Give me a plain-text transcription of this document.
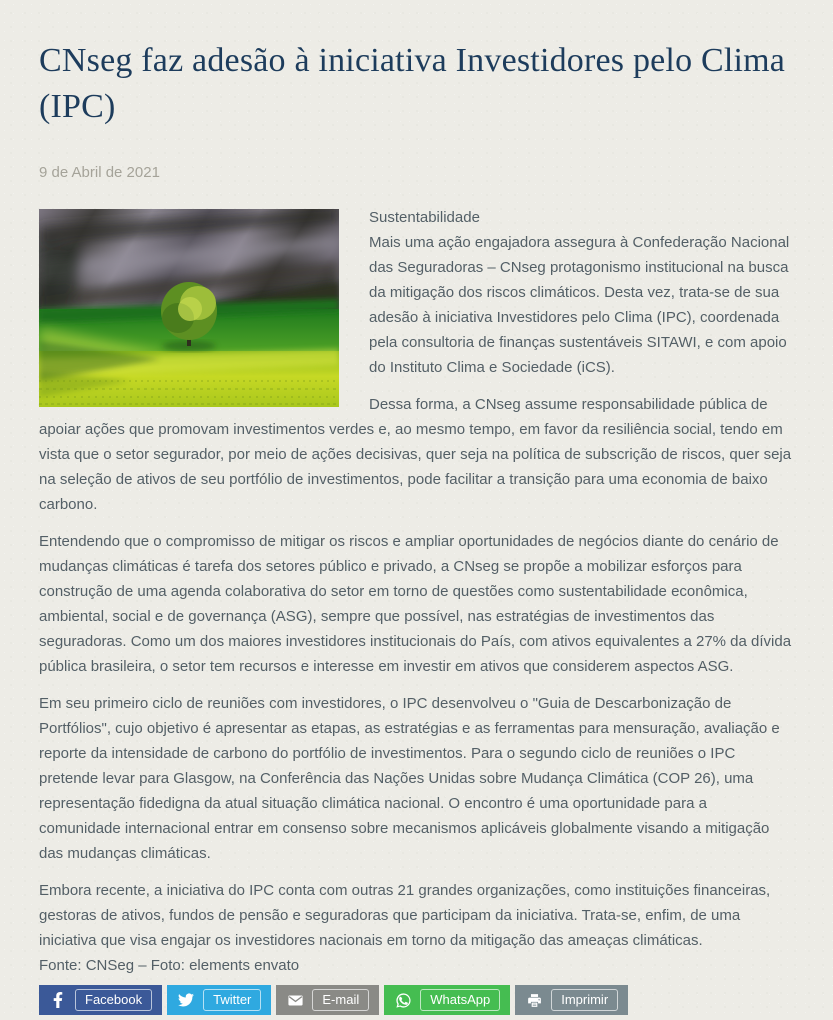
CNseg faz adesão à iniciativa Investidores pelo Clima (IPC)
9 de Abril de 2021

Sustentabilidade

Mais uma ação engajadora assegura à Confederação Nacional das Seguradoras – CNseg protagonismo institucional na busca da mitigação dos riscos climáticos. Desta vez, trata-se de sua adesão à iniciativa Investidores pelo Clima (IPC), coordenada pela consultoria de finanças sustentáveis SITAWI, e com apoio do Instituto Clima e Sociedade (iCS).

Dessa forma, a CNseg assume responsabilidade pública de apoiar ações que promovam investimentos verdes e, ao mesmo tempo, em favor da resiliência social, tendo em vista que o setor segurador, por meio de ações decisivas, quer seja na política de subscrição de riscos, quer seja na seleção de ativos de seu portfólio de investimentos, pode facilitar a transição para uma economia de baixo carbono.

Entendendo que o compromisso de mitigar os riscos e ampliar oportunidades de negócios diante do cenário de mudanças climáticas é tarefa dos setores público e privado, a CNseg se propõe a mobilizar esforços para construção de uma agenda colaborativa do setor em torno de questões como sustentabilidade econômica, ambiental, social e de governança (ASG), sempre que possível, nas estratégias de investimentos das seguradoras. Como um dos maiores investidores institucionais do País, com ativos equivalentes a 27% da dívida pública brasileira, o setor tem recursos e interesse em investir em ativos que considerem aspectos ASG.

Em seu primeiro ciclo de reuniões com investidores, o IPC desenvolveu o "Guia de Descarbonização de Portfólios", cujo objetivo é apresentar as etapas, as estratégias e as ferramentas para mensuração, avaliação e reporte da intensidade de carbono do portfólio de investimentos. Para o segundo ciclo de reuniões o IPC pretende levar para Glasgow, na Conferência das Nações Unidas sobre Mudança Climática (COP 26), uma representação fidedigna da atual situação climática nacional. O encontro é uma oportunidade para a comunidade internacional entrar em consenso sobre mecanismos aplicáveis globalmente visando a mitigação das mudanças climáticas.

Embora recente, a iniciativa do IPC conta com outras 21 grandes organizações, como instituições financeiras, gestoras de ativos, fundos de pensão e seguradoras que participam da iniciativa. Trata-se, enfim, de uma iniciativa que visa engajar os investidores nacionais em torno da mitigação das ameaças climáticas.

Fonte: CNSeg – Foto: elements envato

Facebook	Twitter	E-mail	WhatsApp	Imprimir
